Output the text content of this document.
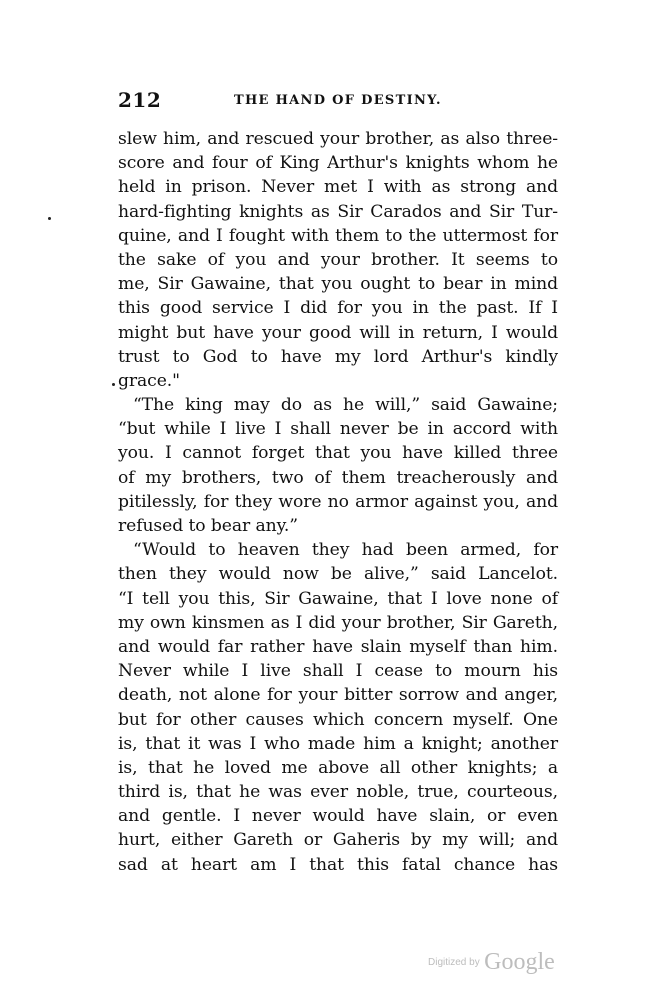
212	THE HAND OF DESTINY.
slew him, and rescued your brother, as also three-
score and four of King Arthur's knights whom he
held in prison. Never met I with as strong and
hard-fighting knights as Sir Carados and Sir Tur-
quine, and I fought with them to the uttermost for
the sake of you and your brother. It seems to
me, Sir Gawaine, that you ought to bear in mind
this good service I did for you in the past. If I
might but have your good will in return, I would
trust to God to have my lord Arthur's kindly
grace."
“The king may do as he will,” said Gawaine;
“but while I live I shall never be in accord with
you. I cannot forget that you have killed three
of my brothers, two of them treacherously and
pitilessly, for they wore no armor against you, and
refused to bear any.”
“Would to heaven they had been armed, for
then they would now be alive,” said Lancelot.
“I tell you this, Sir Gawaine, that I love none of
my own kinsmen as I did your brother, Sir Gareth,
and would far rather have slain myself than him.
Never while I live shall I cease to mourn his
death, not alone for your bitter sorrow and anger,
but for other causes which concern myself. One
is, that it was I who made him a knight; another
is, that he loved me above all other knights; a
third is, that he was ever noble, true, courteous,
and gentle. I never would have slain, or even
hurt, either Gareth or Gaheris by my will; and
sad at heart am I that this fatal chance has
Digitized by Google
